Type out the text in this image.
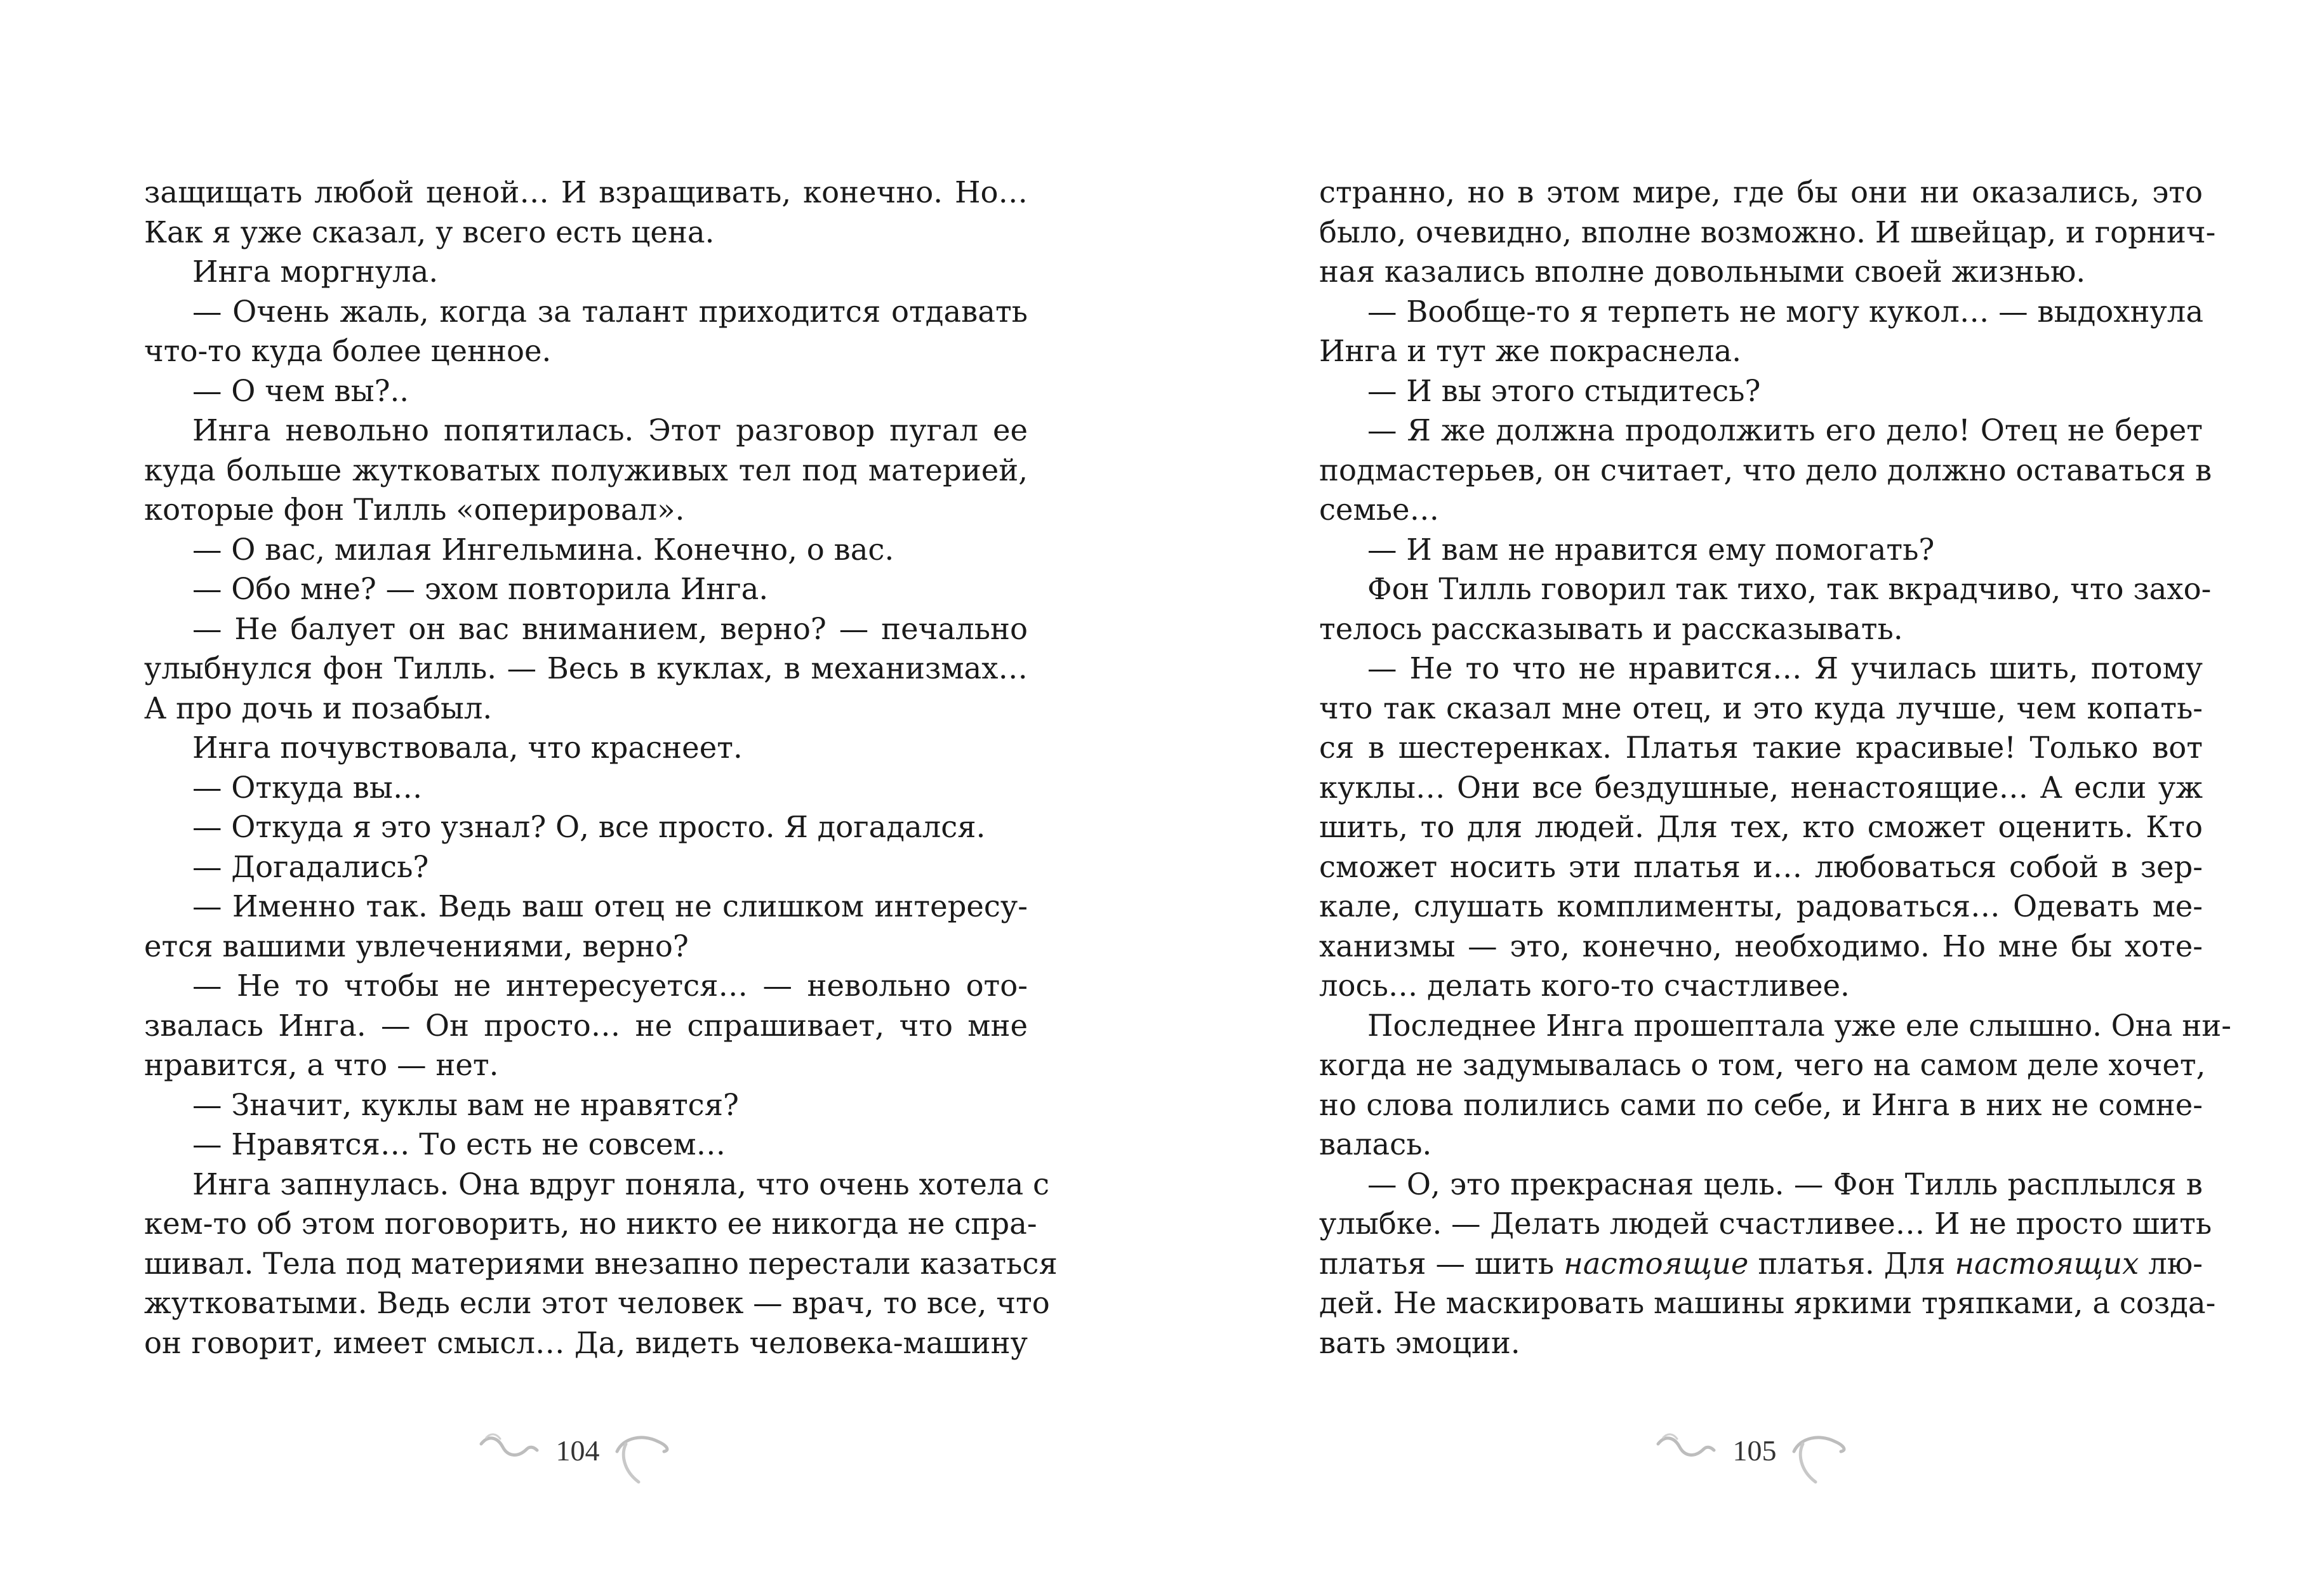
защищать любой ценой… И взращивать, конечно. Но…
Как я уже сказал, у всего есть цена.
Инга моргнула.
— Очень жаль, когда за талант приходится отдавать
что-то куда более ценное.
— О чем вы?..
Инга невольно попятилась. Этот разговор пугал ее
куда больше жутковатых полуживых тел под материей,
которые фон Тилль «оперировал».
— О вас, милая Ингельмина. Конечно, о вас.
— Обо мне? — эхом повторила Инга.
— Не балует он вас вниманием, верно? — печально
улыбнулся фон Тилль. — Весь в куклах, в механизмах…
А про дочь и позабыл.
Инга почувствовала, что краснеет.
— Откуда вы…
— Откуда я это узнал? О, все просто. Я догадался.
— Догадались?
— Именно так. Ведь ваш отец не слишком интересу-
ется вашими увлечениями, верно?
— Не то чтобы не интересуется… — невольно ото-
звалась Инга. — Он просто… не спрашивает, что мне
нравится, а что — нет.
— Значит, куклы вам не нравятся?
— Нравятся… То есть не совсем…
Инга запнулась. Она вдруг поняла, что очень хотела с
кем-то об этом поговорить, но никто ее никогда не спра-
шивал. Тела под материями внезапно перестали казаться
жутковатыми. Ведь если этот человек — врач, то все, что
он говорит, имеет смысл… Да, видеть человека-машину
104
странно, но в этом мире, где бы они ни оказались, это
было, очевидно, вполне возможно. И швейцар, и горнич-
ная казались вполне довольными своей жизнью.
— Вообще-то я терпеть не могу кукол… — выдохнула
Инга и тут же покраснела.
— И вы этого стыдитесь?
— Я же должна продолжить его дело! Отец не берет
подмастерьев, он считает, что дело должно оставаться в
семье…
— И вам не нравится ему помогать?
Фон Тилль говорил так тихо, так вкрадчиво, что захо-
телось рассказывать и рассказывать.
— Не то что не нравится… Я училась шить, потому
что так сказал мне отец, и это куда лучше, чем копать-
ся в шестеренках. Платья такие красивые! Только вот
куклы… Они все бездушные, ненастоящие… А если уж
шить, то для людей. Для тех, кто сможет оценить. Кто
сможет носить эти платья и… любоваться собой в зер-
кале, слушать комплименты, радоваться… Одевать ме-
ханизмы — это, конечно, необходимо. Но мне бы хоте-
лось… делать кого-то счастливее.
Последнее Инга прошептала уже еле слышно. Она ни-
когда не задумывалась о том, чего на самом деле хочет,
но слова полились сами по себе, и Инга в них не сомне-
валась.
— О, это прекрасная цель. — Фон Тилль расплылся в
улыбке. — Делать людей счастливее… И не просто шить
платья — шить настоящие платья. Для настоящих лю-
дей. Не маскировать машины яркими тряпками, а созда-
вать эмоции.
105
